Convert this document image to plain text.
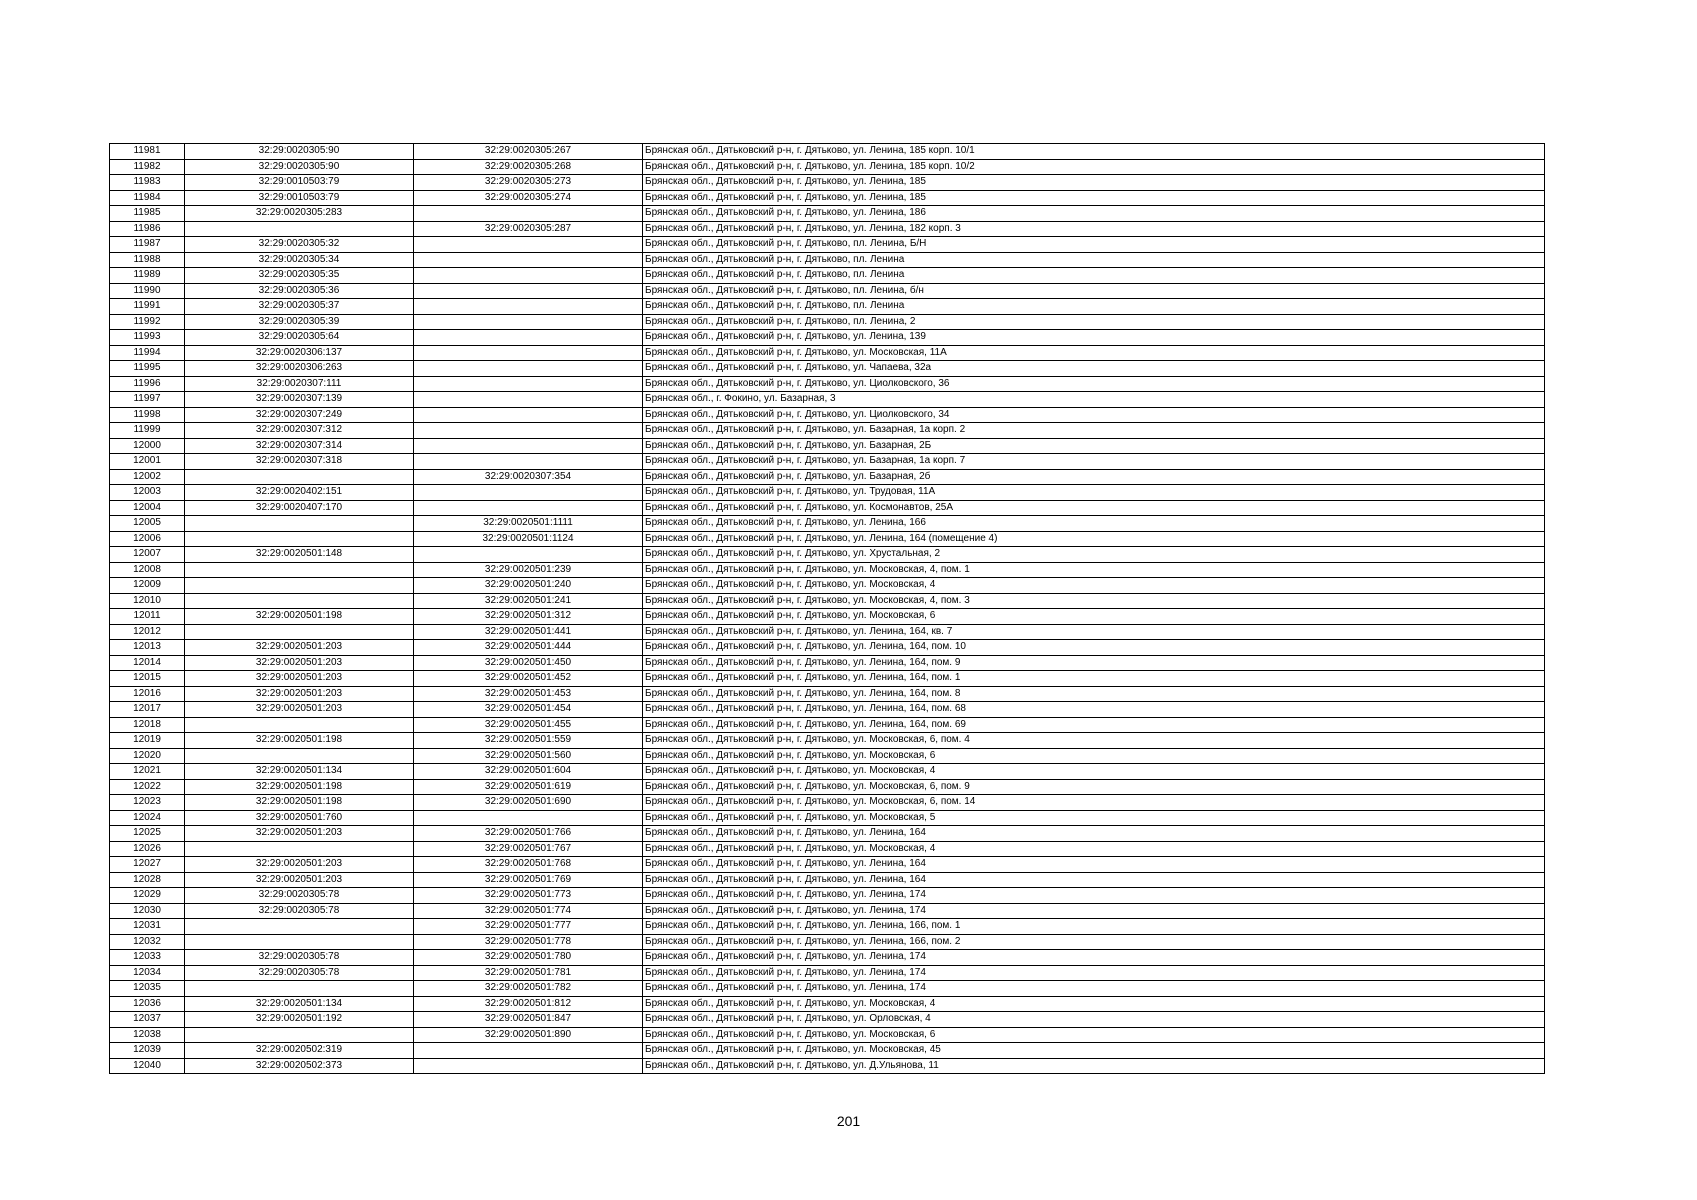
11981	32:29:0020305:90	32:29:0020305:267	Брянская обл., Дятьковский р-н, г. Дятьково, ул. Ленина, 185 корп. 10/1
11982	32:29:0020305:90	32:29:0020305:268	Брянская обл., Дятьковский р-н, г. Дятьково, ул. Ленина, 185 корп. 10/2
11983	32:29:0010503:79	32:29:0020305:273	Брянская обл., Дятьковский р-н, г. Дятьково, ул. Ленина, 185
11984	32:29:0010503:79	32:29:0020305:274	Брянская обл., Дятьковский р-н, г. Дятьково, ул. Ленина, 185
11985	32:29:0020305:283		Брянская обл., Дятьковский р-н, г. Дятьково, ул. Ленина, 186
11986		32:29:0020305:287	Брянская обл., Дятьковский р-н, г. Дятьково, ул. Ленина, 182 корп. 3
11987	32:29:0020305:32		Брянская обл., Дятьковский р-н, г. Дятьково, пл. Ленина, Б/Н
11988	32:29:0020305:34		Брянская обл., Дятьковский р-н, г. Дятьково, пл. Ленина
11989	32:29:0020305:35		Брянская обл., Дятьковский р-н, г. Дятьково, пл. Ленина
11990	32:29:0020305:36		Брянская обл., Дятьковский р-н, г. Дятьково, пл. Ленина, б/н
11991	32:29:0020305:37		Брянская обл., Дятьковский р-н, г. Дятьково, пл. Ленина
11992	32:29:0020305:39		Брянская обл., Дятьковский р-н, г. Дятьково, пл. Ленина, 2
11993	32:29:0020305:64		Брянская обл., Дятьковский р-н, г. Дятьково, ул. Ленина, 139
11994	32:29:0020306:137		Брянская обл., Дятьковский р-н, г. Дятьково, ул. Московская, 11А
11995	32:29:0020306:263		Брянская обл., Дятьковский р-н, г. Дятьково, ул. Чапаева, 32а
11996	32:29:0020307:111		Брянская обл., Дятьковский р-н, г. Дятьково, ул. Циолковского, 36
11997	32:29:0020307:139		Брянская обл., г. Фокино, ул. Базарная, 3
11998	32:29:0020307:249		Брянская обл., Дятьковский р-н, г. Дятьково, ул. Циолковского, 34
11999	32:29:0020307:312		Брянская обл., Дятьковский р-н, г. Дятьково, ул. Базарная, 1а корп. 2
12000	32:29:0020307:314		Брянская обл., Дятьковский р-н, г. Дятьково, ул. Базарная, 2Б
12001	32:29:0020307:318		Брянская обл., Дятьковский р-н, г. Дятьково, ул. Базарная, 1а корп. 7
12002		32:29:0020307:354	Брянская обл., Дятьковский р-н, г. Дятьково, ул. Базарная, 2б
12003	32:29:0020402:151		Брянская обл., Дятьковский р-н, г. Дятьково, ул. Трудовая, 11А
12004	32:29:0020407:170		Брянская обл., Дятьковский р-н, г. Дятьково, ул. Космонавтов, 25А
12005		32:29:0020501:1111	Брянская обл., Дятьковский р-н, г. Дятьково, ул. Ленина, 166
12006		32:29:0020501:1124	Брянская обл., Дятьковский р-н, г. Дятьково, ул. Ленина, 164 (помещение 4)
12007	32:29:0020501:148		Брянская обл., Дятьковский р-н, г. Дятьково, ул. Хрустальная, 2
12008		32:29:0020501:239	Брянская обл., Дятьковский р-н, г. Дятьково, ул. Московская, 4, пом. 1
12009		32:29:0020501:240	Брянская обл., Дятьковский р-н, г. Дятьково, ул. Московская, 4
12010		32:29:0020501:241	Брянская обл., Дятьковский р-н, г. Дятьково, ул. Московская, 4, пом. 3
12011	32:29:0020501:198	32:29:0020501:312	Брянская обл., Дятьковский р-н, г. Дятьково, ул. Московская, 6
12012		32:29:0020501:441	Брянская обл., Дятьковский р-н, г. Дятьково, ул. Ленина, 164, кв. 7
12013	32:29:0020501:203	32:29:0020501:444	Брянская обл., Дятьковский р-н, г. Дятьково, ул. Ленина, 164, пом. 10
12014	32:29:0020501:203	32:29:0020501:450	Брянская обл., Дятьковский р-н, г. Дятьково, ул. Ленина, 164, пом. 9
12015	32:29:0020501:203	32:29:0020501:452	Брянская обл., Дятьковский р-н, г. Дятьково, ул. Ленина, 164, пом. 1
12016	32:29:0020501:203	32:29:0020501:453	Брянская обл., Дятьковский р-н, г. Дятьково, ул. Ленина, 164, пом. 8
12017	32:29:0020501:203	32:29:0020501:454	Брянская обл., Дятьковский р-н, г. Дятьково, ул. Ленина, 164, пом. 68
12018		32:29:0020501:455	Брянская обл., Дятьковский р-н, г. Дятьково, ул. Ленина, 164, пом. 69
12019	32:29:0020501:198	32:29:0020501:559	Брянская обл., Дятьковский р-н, г. Дятьково, ул. Московская, 6, пом. 4
12020		32:29:0020501:560	Брянская обл., Дятьковский р-н, г. Дятьково, ул. Московская, 6
12021	32:29:0020501:134	32:29:0020501:604	Брянская обл., Дятьковский р-н, г. Дятьково, ул. Московская, 4
12022	32:29:0020501:198	32:29:0020501:619	Брянская обл., Дятьковский р-н, г. Дятьково, ул. Московская, 6, пом. 9
12023	32:29:0020501:198	32:29:0020501:690	Брянская обл., Дятьковский р-н, г. Дятьково, ул. Московская, 6, пом. 14
12024	32:29:0020501:760		Брянская обл., Дятьковский р-н, г. Дятьково, ул. Московская, 5
12025	32:29:0020501:203	32:29:0020501:766	Брянская обл., Дятьковский р-н, г. Дятьково, ул. Ленина, 164
12026		32:29:0020501:767	Брянская обл., Дятьковский р-н, г. Дятьково, ул. Московская, 4
12027	32:29:0020501:203	32:29:0020501:768	Брянская обл., Дятьковский р-н, г. Дятьково, ул. Ленина, 164
12028	32:29:0020501:203	32:29:0020501:769	Брянская обл., Дятьковский р-н, г. Дятьково, ул. Ленина, 164
12029	32:29:0020305:78	32:29:0020501:773	Брянская обл., Дятьковский р-н, г. Дятьково, ул. Ленина, 174
12030	32:29:0020305:78	32:29:0020501:774	Брянская обл., Дятьковский р-н, г. Дятьково, ул. Ленина, 174
12031		32:29:0020501:777	Брянская обл., Дятьковский р-н, г. Дятьково, ул. Ленина, 166, пом. 1
12032		32:29:0020501:778	Брянская обл., Дятьковский р-н, г. Дятьково, ул. Ленина, 166, пом. 2
12033	32:29:0020305:78	32:29:0020501:780	Брянская обл., Дятьковский р-н, г. Дятьково, ул. Ленина, 174
12034	32:29:0020305:78	32:29:0020501:781	Брянская обл., Дятьковский р-н, г. Дятьково, ул. Ленина, 174
12035		32:29:0020501:782	Брянская обл., Дятьковский р-н, г. Дятьково, ул. Ленина, 174
12036	32:29:0020501:134	32:29:0020501:812	Брянская обл., Дятьковский р-н, г. Дятьково, ул. Московская, 4
12037	32:29:0020501:192	32:29:0020501:847	Брянская обл., Дятьковский р-н, г. Дятьково, ул. Орловская, 4
12038		32:29:0020501:890	Брянская обл., Дятьковский р-н, г. Дятьково, ул. Московская, 6
12039	32:29:0020502:319		Брянская обл., Дятьковский р-н, г. Дятьково, ул. Московская, 45
12040	32:29:0020502:373		Брянская обл., Дятьковский р-н, г. Дятьково, ул. Д.Ульянова, 11
201
